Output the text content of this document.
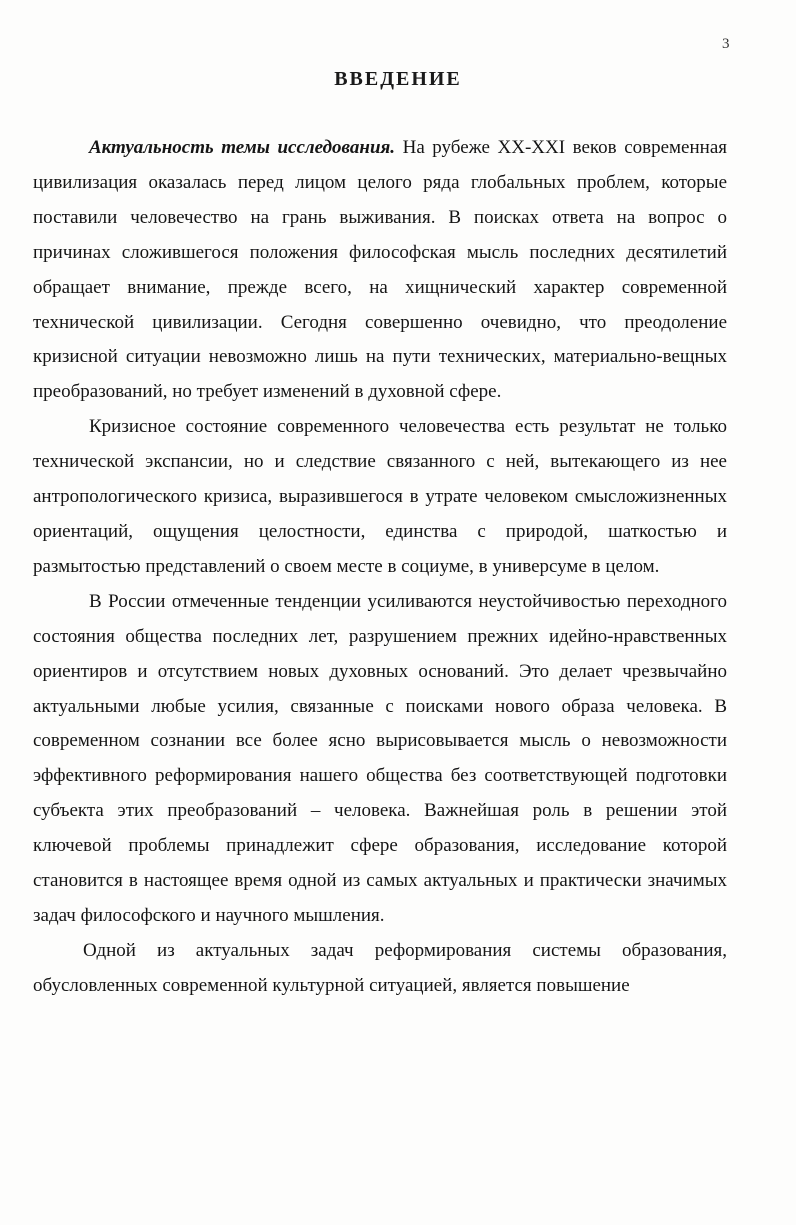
3
ВВЕДЕНИЕ

Актуальность темы исследования. На рубеже XX-XXI веков современная цивилизация оказалась перед лицом целого ряда глобальных проблем, которые поставили человечество на грань выживания. В поисках ответа на вопрос о причинах сложившегося положения философская мысль последних десятилетий обращает внимание, прежде всего, на хищнический характер современной технической цивилизации. Сегодня совершенно очевидно, что преодоление кризисной ситуации невозможно лишь на пути технических, материально-вещных преобразований, но требует изменений в духовной сфере.

Кризисное состояние современного человечества есть результат не только технической экспансии, но и следствие связанного с ней, вытекающего из нее антропологического кризиса, выразившегося в утрате человеком смысложизненных ориентаций, ощущения целостности, единства с природой, шаткостью и размытостью представлений о своем месте в социуме, в универсуме в целом.

В России отмеченные тенденции усиливаются неустойчивостью переходного состояния общества последних лет, разрушением прежних идейно-нравственных ориентиров и отсутствием новых духовных оснований. Это делает чрезвычайно актуальными любые усилия, связанные с поисками нового образа человека. В современном сознании все более ясно вырисовывается мысль о невозможности эффективного реформирования нашего общества без соответствующей подготовки субъекта этих преобразований – человека. Важнейшая роль в решении этой ключевой проблемы принадлежит сфере образования, исследование которой становится в настоящее время одной из самых актуальных и практически значимых задач философского и научного мышления.

Одной из актуальных задач реформирования системы образования, обусловленных современной культурной ситуацией, является повышение
